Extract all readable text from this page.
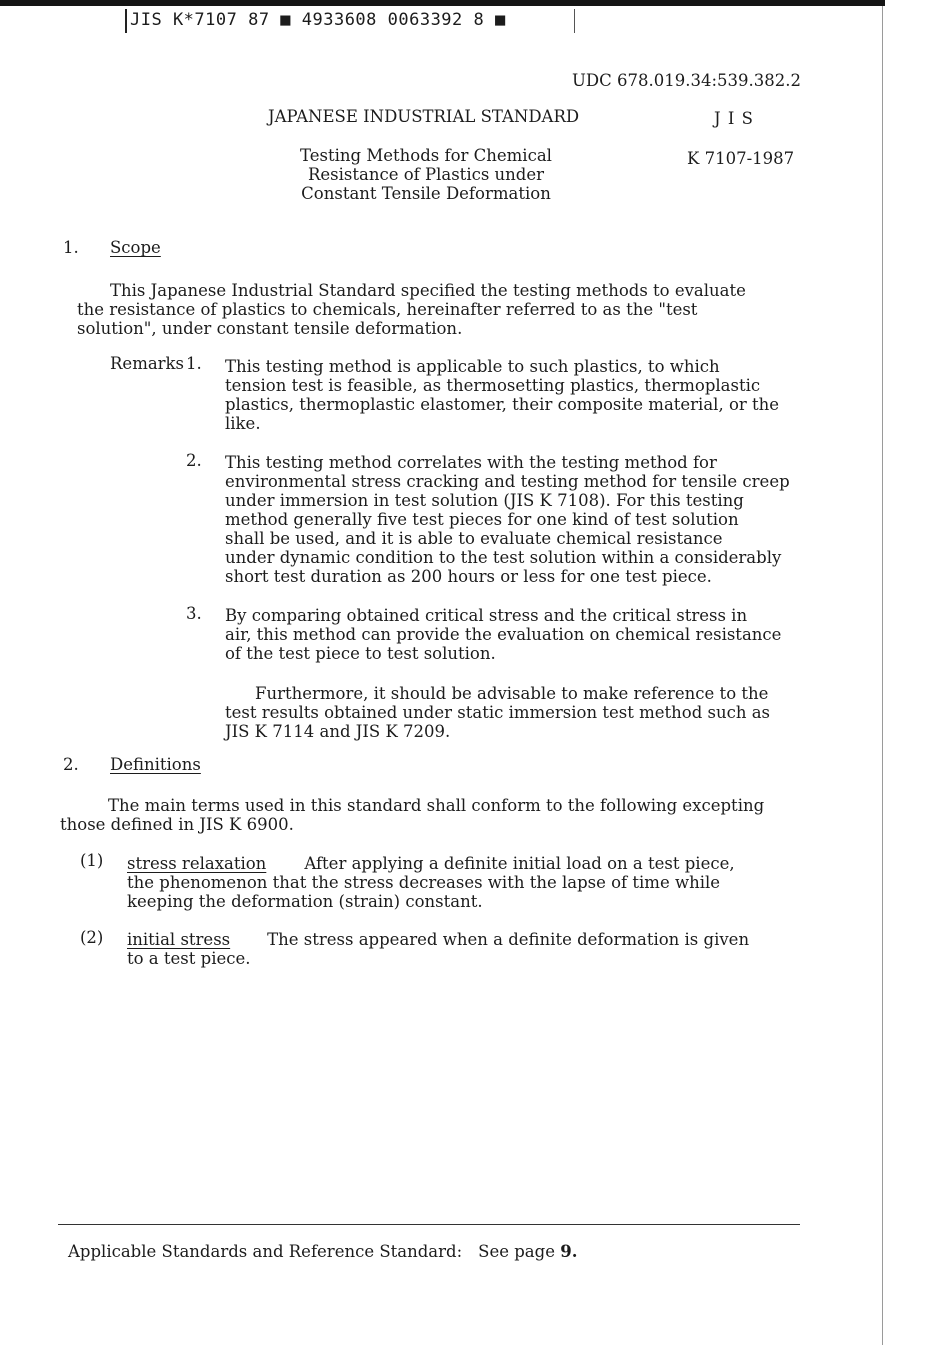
JIS K*7107 87 ■ 4933608 0063392 8 ■
UDC 678.019.34:539.382.2
JAPANESE INDUSTRIAL STANDARD	J I S
Testing Methods for Chemical
Resistance of Plastics under
Constant Tensile Deformation
K 7107-1987
1. Scope
This Japanese Industrial Standard specified the testing methods to evaluate
the resistance of plastics to chemicals, hereinafter referred to as the "test
solution", under constant tensile deformation.
Remarks 1. This testing method is applicable to such plastics, to which
tension test is feasible, as thermosetting plastics, thermoplastic
plastics, thermoplastic elastomer, their composite material, or the
like.
2. This testing method correlates with the testing method for
environmental stress cracking and testing method for tensile creep
under immersion in test solution (JIS K 7108). For this testing
method generally five test pieces for one kind of test solution
shall be used, and it is able to evaluate chemical resistance
under dynamic condition to the test solution within a considerably
short test duration as 200 hours or less for one test piece.
3. By comparing obtained critical stress and the critical stress in
air, this method can provide the evaluation on chemical resistance
of the test piece to test solution.
Furthermore, it should be advisable to make reference to the
test results obtained under static immersion test method such as
JIS K 7114 and JIS K 7209.
2. Definitions
The main terms used in this standard shall conform to the following excepting
those defined in JIS K 6900.
(1) stress relaxation After applying a definite initial load on a test piece,
the phenomenon that the stress decreases with the lapse of time while
keeping the deformation (strain) constant.
(2) initial stress The stress appeared when a definite deformation is given
to a test piece.
Applicable Standards and Reference Standard: See page 9.
